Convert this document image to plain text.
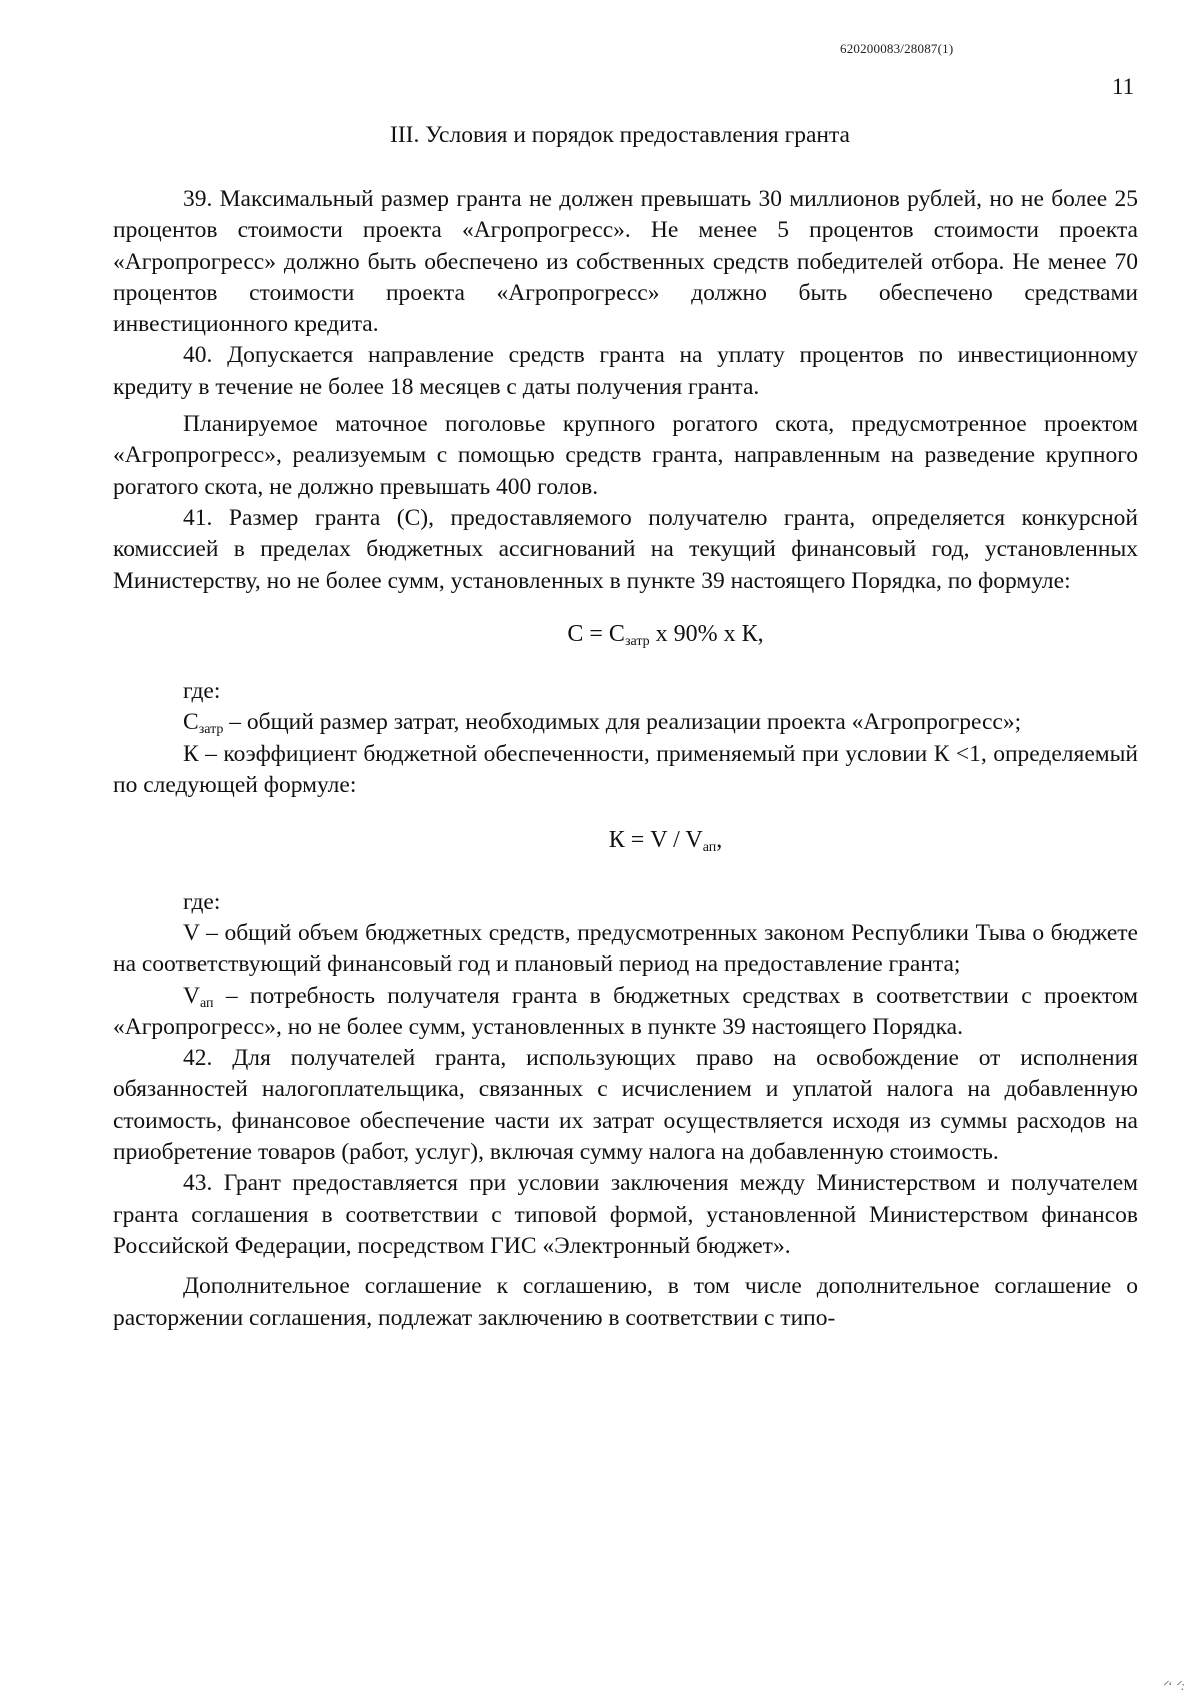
620200083/28087(1)
11
III. Условия и порядок предоставления гранта

39. Максимальный размер гранта не должен превышать 30 миллионов рублей, но не более 25 процентов стоимости проекта «Агропрогресс». Не менее 5 процентов стоимости проекта «Агропрогресс» должно быть обеспечено из собственных средств победителей отбора. Не менее 70 процентов стоимости проекта «Агропрогресс» должно быть обеспечено средствами инвестиционного кредита.

40. Допускается направление средств гранта на уплату процентов по инвестиционному кредиту в течение не более 18 месяцев с даты получения гранта.

Планируемое маточное поголовье крупного рогатого скота, предусмотренное проектом «Агропрогресс», реализуемым с помощью средств гранта, направленным на разведение крупного рогатого скота, не должно превышать 400 голов.

41. Размер гранта (С), предоставляемого получателю гранта, определяется конкурсной комиссией в пределах бюджетных ассигнований на текущий финансовый год, установленных Министерству, но не более сумм, установленных в пункте 39 настоящего Порядка, по формуле:

$С = С_{затр}$ х 90% х К,

где:

$С_{затр}$ – общий размер затрат, необходимых для реализации проекта «Агропрогресс»;

К – коэффициент бюджетной обеспеченности, применяемый при условии К <1, определяемый по следующей формуле:

$К = V / V_{ап}$,

где:

V – общий объем бюджетных средств, предусмотренных законом Республики Тыва о бюджете на соответствующий финансовый год и плановый период на предоставление гранта;

$V_{ап}$ – потребность получателя гранта в бюджетных средствах в соответствии с проектом «Агропрогресс», но не более сумм, установленных в пункте 39 настоящего Порядка.

42. Для получателей гранта, использующих право на освобождение от исполнения обязанностей налогоплательщика, связанных с исчислением и уплатой налога на добавленную стоимость, финансовое обеспечение части их затрат осуществляется исходя из суммы расходов на приобретение товаров (работ, услуг), включая сумму налога на добавленную стоимость.

43. Грант предоставляется при условии заключения между Министерством и получателем гранта соглашения в соответствии с типовой формой, установленной Министерством финансов Российской Федерации, посредством ГИС «Электронный бюджет».

Дополнительное соглашение к соглашению, в том числе дополнительное соглашение о расторжении соглашения, подлежат заключению в соответствии с типо-

ᐟ‘ ᐟ:
